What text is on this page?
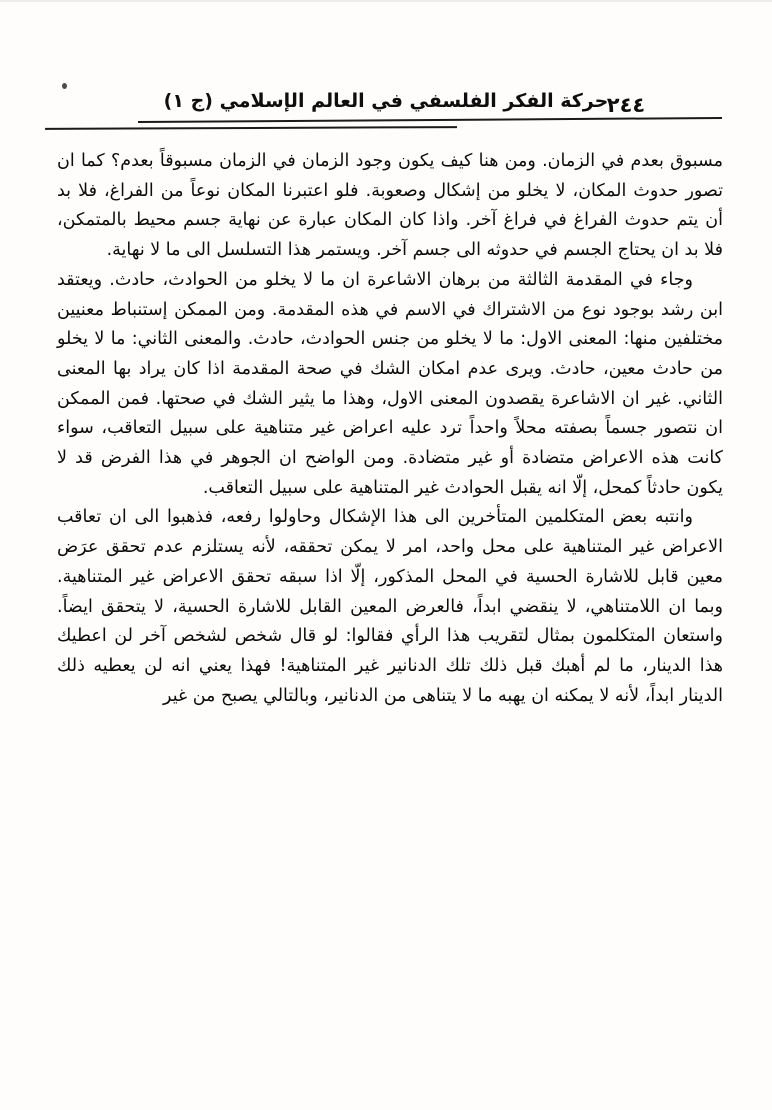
حركة الفكر الفلسفي في العالم الإسلامي (ج ١)
٢٤٤

مسبوق بعدم في الزمان. ومن هنا كيف يكون وجود الزمان في الزمان مسبوقاً بعدم؟ كما ان تصور حدوث المكان، لا يخلو من إشكال وصعوبة. فلو اعتبرنا المكان نوعاً من الفراغ، فلا بد أن يتم حدوث الفراغ في فراغ آخر. واذا كان المكان عبارة عن نهاية جسم محيط بالمتمكن، فلا بد ان يحتاج الجسم في حدوثه الى جسم آخر. ويستمر هذا التسلسل الى ما لا نهاية.

وجاء في المقدمة الثالثة من برهان الاشاعرة ان ما لا يخلو من الحوادث، حادث. ويعتقد ابن رشد بوجود نوع من الاشتراك في الاسم في هذه المقدمة. ومن الممكن إستنباط معنيين مختلفين منها: المعنى الاول: ما لا يخلو من جنس الحوادث، حادث. والمعنى الثاني: ما لا يخلو من حادث معين، حادث. ويرى عدم امكان الشك في صحة المقدمة اذا كان يراد بها المعنى الثاني. غير ان الاشاعرة يقصدون المعنى الاول، وهذا ما يثير الشك في صحتها. فمن الممكن ان نتصور جسماً بصفته محلاً واحداً ترد عليه اعراض غير متناهية على سبيل التعاقب، سواء كانت هذه الاعراض متضادة أو غير متضادة. ومن الواضح ان الجوهر في هذا الفرض قد لا يكون حادثاً كمحل، إلّا انه يقبل الحوادث غير المتناهية على سبيل التعاقب.

وانتبه بعض المتكلمين المتأخرين الى هذا الإشكال وحاولوا رفعه، فذهبوا الى ان تعاقب الاعراض غير المتناهية على محل واحد، امر لا يمكن تحققه، لأنه يستلزم عدم تحقق عرَض معين قابل للاشارة الحسية في المحل المذكور، إلّا اذا سبقه تحقق الاعراض غير المتناهية. وبما ان اللامتناهي، لا ينقضي ابداً، فالعرض المعين القابل للاشارة الحسية، لا يتحقق ايضاً. واستعان المتكلمون بمثال لتقريب هذا الرأي فقالوا: لو قال شخص لشخص آخر لن اعطيك هذا الدينار، ما لم أهبك قبل ذلك تلك الدنانير غير المتناهية! فهذا يعني انه لن يعطيه ذلك الدينار ابداً، لأنه لا يمكنه ان يهبه ما لا يتناهى من الدنانير، وبالتالي يصبح من غير
